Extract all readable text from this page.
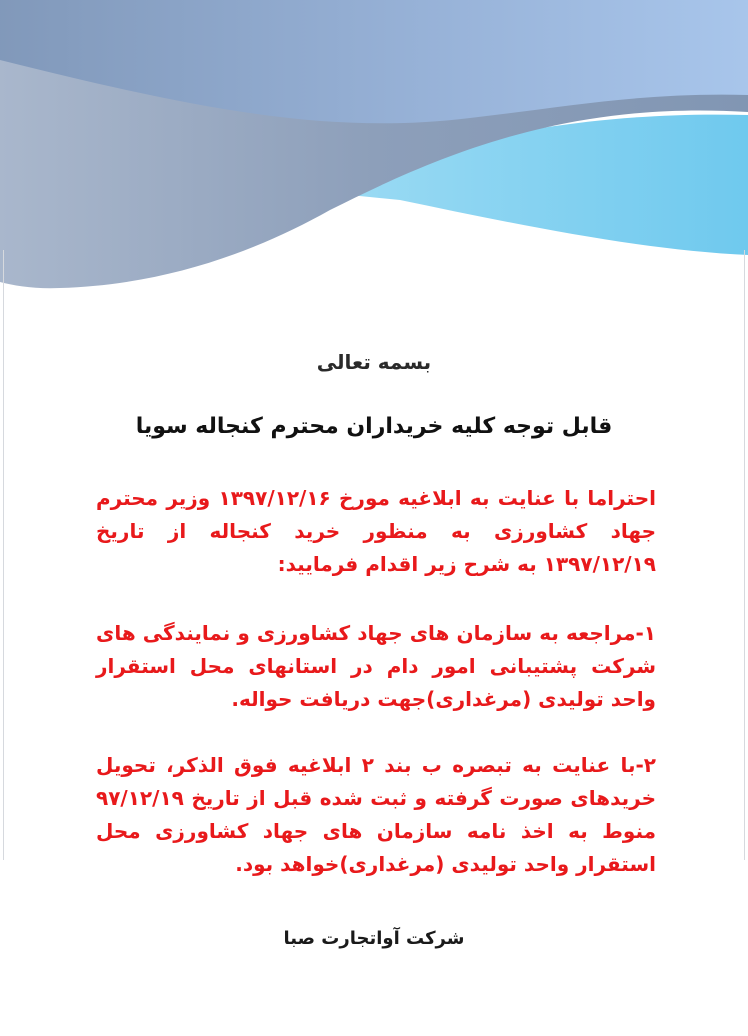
بسمه تعالی
قابل توجه کلیه خریداران محترم کنجاله سویا

احتراما با عنایت به ابلاغیه مورخ ۱۳۹۷/۱۲/۱۶ وزیر محترم جهاد کشاورزی به منظور خرید کنجاله از تاریخ ۱۳۹۷/۱۲/۱۹ به شرح زیر اقدام فرمایید:

۱-مراجعه به سازمان های جهاد کشاورزی و نمایندگی های شرکت پشتیبانی امور دام در استانهای محل استقرار واحد تولیدی (مرغداری)جهت دریافت حواله.

۲-با عنایت به تبصره ب بند ۲ ابلاغیه فوق الذکر، تحویل خریدهای صورت گرفته و ثبت شده قبل از تاریخ ۹۷/۱۲/۱۹ منوط به اخذ نامه سازمان های جهاد کشاورزی محل استقرار واحد تولیدی (مرغداری)خواهد بود.

شرکت آواتجارت صبا
